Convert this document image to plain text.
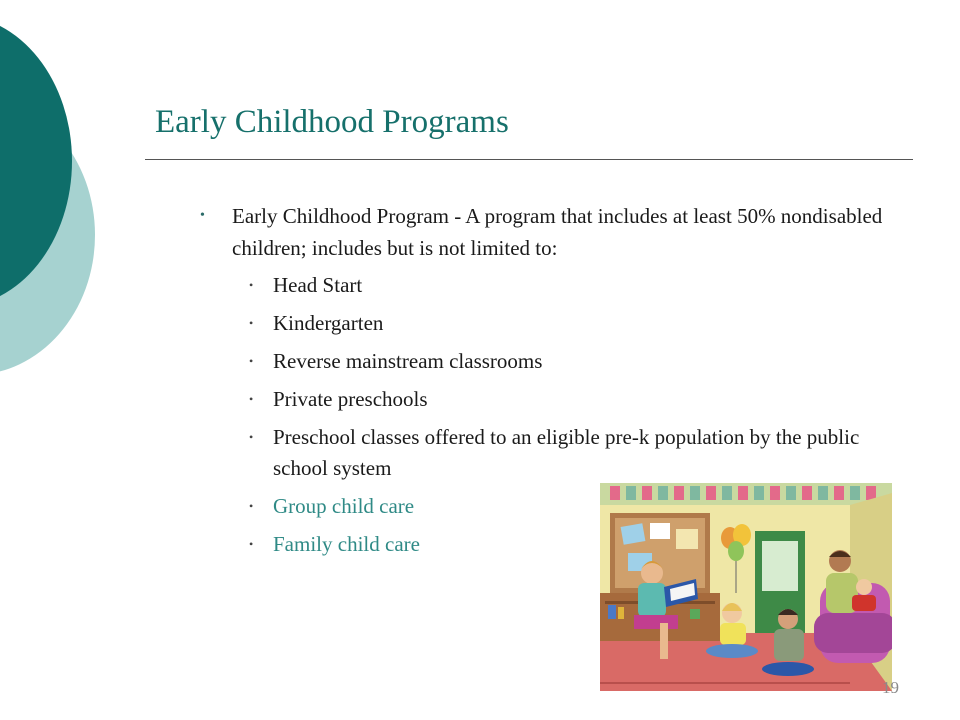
Early Childhood Programs
• Early Childhood Program - A program that includes at least 50% nondisabled children; includes but is not limited to:
• Head Start
• Kindergarten
• Reverse mainstream classrooms
• Private preschools
• Preschool classes offered to an eligible pre-k population by the public school system
• Group child care
• Family child care
19
